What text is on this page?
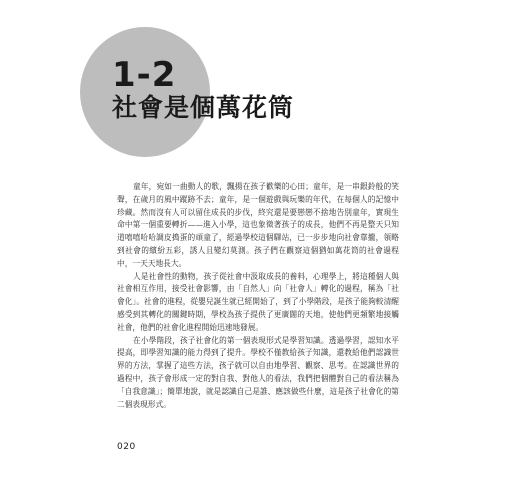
1-2
社會是個萬花筒

童年，宛如一曲動人的歌，飄揚在孩子歡樂的心田；童年，是一串銀鈴般的笑聲，在歲月的風中蹤跡不去；童年，是一個遊戲與玩樂的年代，在每個人的記憶中珍藏。然而沒有人可以留住成長的步伐，終究還是要戀戀不捨地告別童年，實現生命中第一個重要轉折——進入小學，這也象徵著孩子的成長，他們不再是整天只知道嘻嘻哈哈調皮搗蛋的頑童了，經過學校這個驛站，已一步步地向社會靠攏，領略到社會的繽紛五彩，誘人且變幻莫測。孩子們在觀察這個猶如萬花筒的社會過程中，一天天地長大。

人是社會性的動物，孩子從社會中汲取成長的養料，心理學上，將這種個人與社會相互作用，接受社會影響，由「自然人」向「社會人」轉化的過程，稱為「社會化」。社會的進程，從嬰兒誕生就已經開始了，到了小學階段，是孩子能夠較清醒感受到其轉化的關鍵時期，學校為孩子提供了更廣闊的天地，使他們更頻繁地接觸社會，他們的社會化進程開始迅速地發展。

在小學階段，孩子社會化的第一個表現形式是學習知識。透過學習，認知水平提高，即學習知識的能力得到了提升。學校不僅教給孩子知識，還教給他們認識世界的方法，掌握了這些方法，孩子就可以自由地學習、觀察、思考。在認識世界的過程中，孩子會形成一定的對自我、對他人的看法，我們把個體對自己的看法稱為「自我意識」；簡單地說，就是認識自己是誰、應該做些什麼，這是孩子社會化的第二個表現形式。

020
